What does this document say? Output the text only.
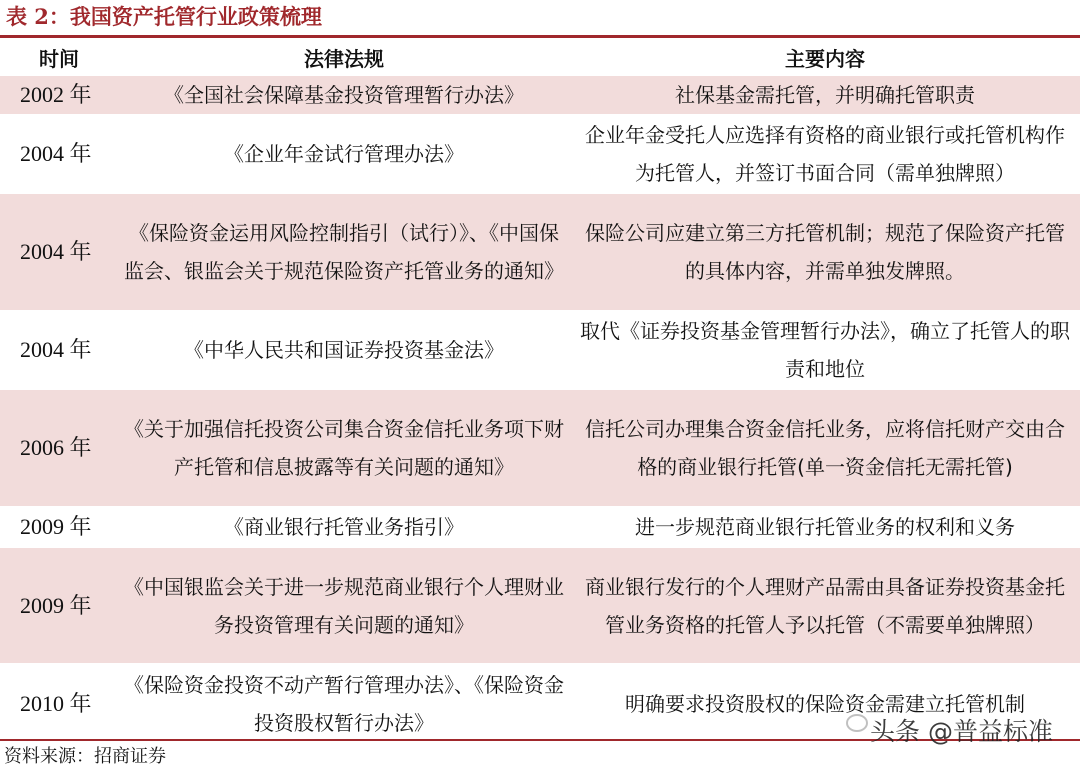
表 2：我国资产托管行业政策梳理
时间	法律法规	主要内容
2002 年	《全国社会保障基金投资管理暂行办法》	社保基金需托管，并明确托管职责
2004 年	《企业年金试行管理办法》	企业年金受托人应选择有资格的商业银行或托管机构作为托管人，并签订书面合同（需单独牌照）
2004 年	《保险资金运用风险控制指引（试行）》、《中国保监会、银监会关于规范保险资产托管业务的通知》	保险公司应建立第三方托管机制；规范了保险资产托管的具体内容，并需单独发牌照。
2004 年	《中华人民共和国证券投资基金法》	取代《证券投资基金管理暂行办法》，确立了托管人的职责和地位
2006 年	《关于加强信托投资公司集合资金信托业务项下财产托管和信息披露等有关问题的通知》	信托公司办理集合资金信托业务，应将信托财产交由合格的商业银行托管(单一资金信托无需托管)
2009 年	《商业银行托管业务指引》	进一步规范商业银行托管业务的权利和义务
2009 年	《中国银监会关于进一步规范商业银行个人理财业务投资管理有关问题的通知》	商业银行发行的个人理财产品需由具备证券投资基金托管业务资格的托管人予以托管（不需要单独牌照）
2010 年	《保险资金投资不动产暂行管理办法》、《保险资金投资股权暂行办法》	明确要求投资股权的保险资金需建立托管机制
资料来源：招商证券
头条 @普益标准
